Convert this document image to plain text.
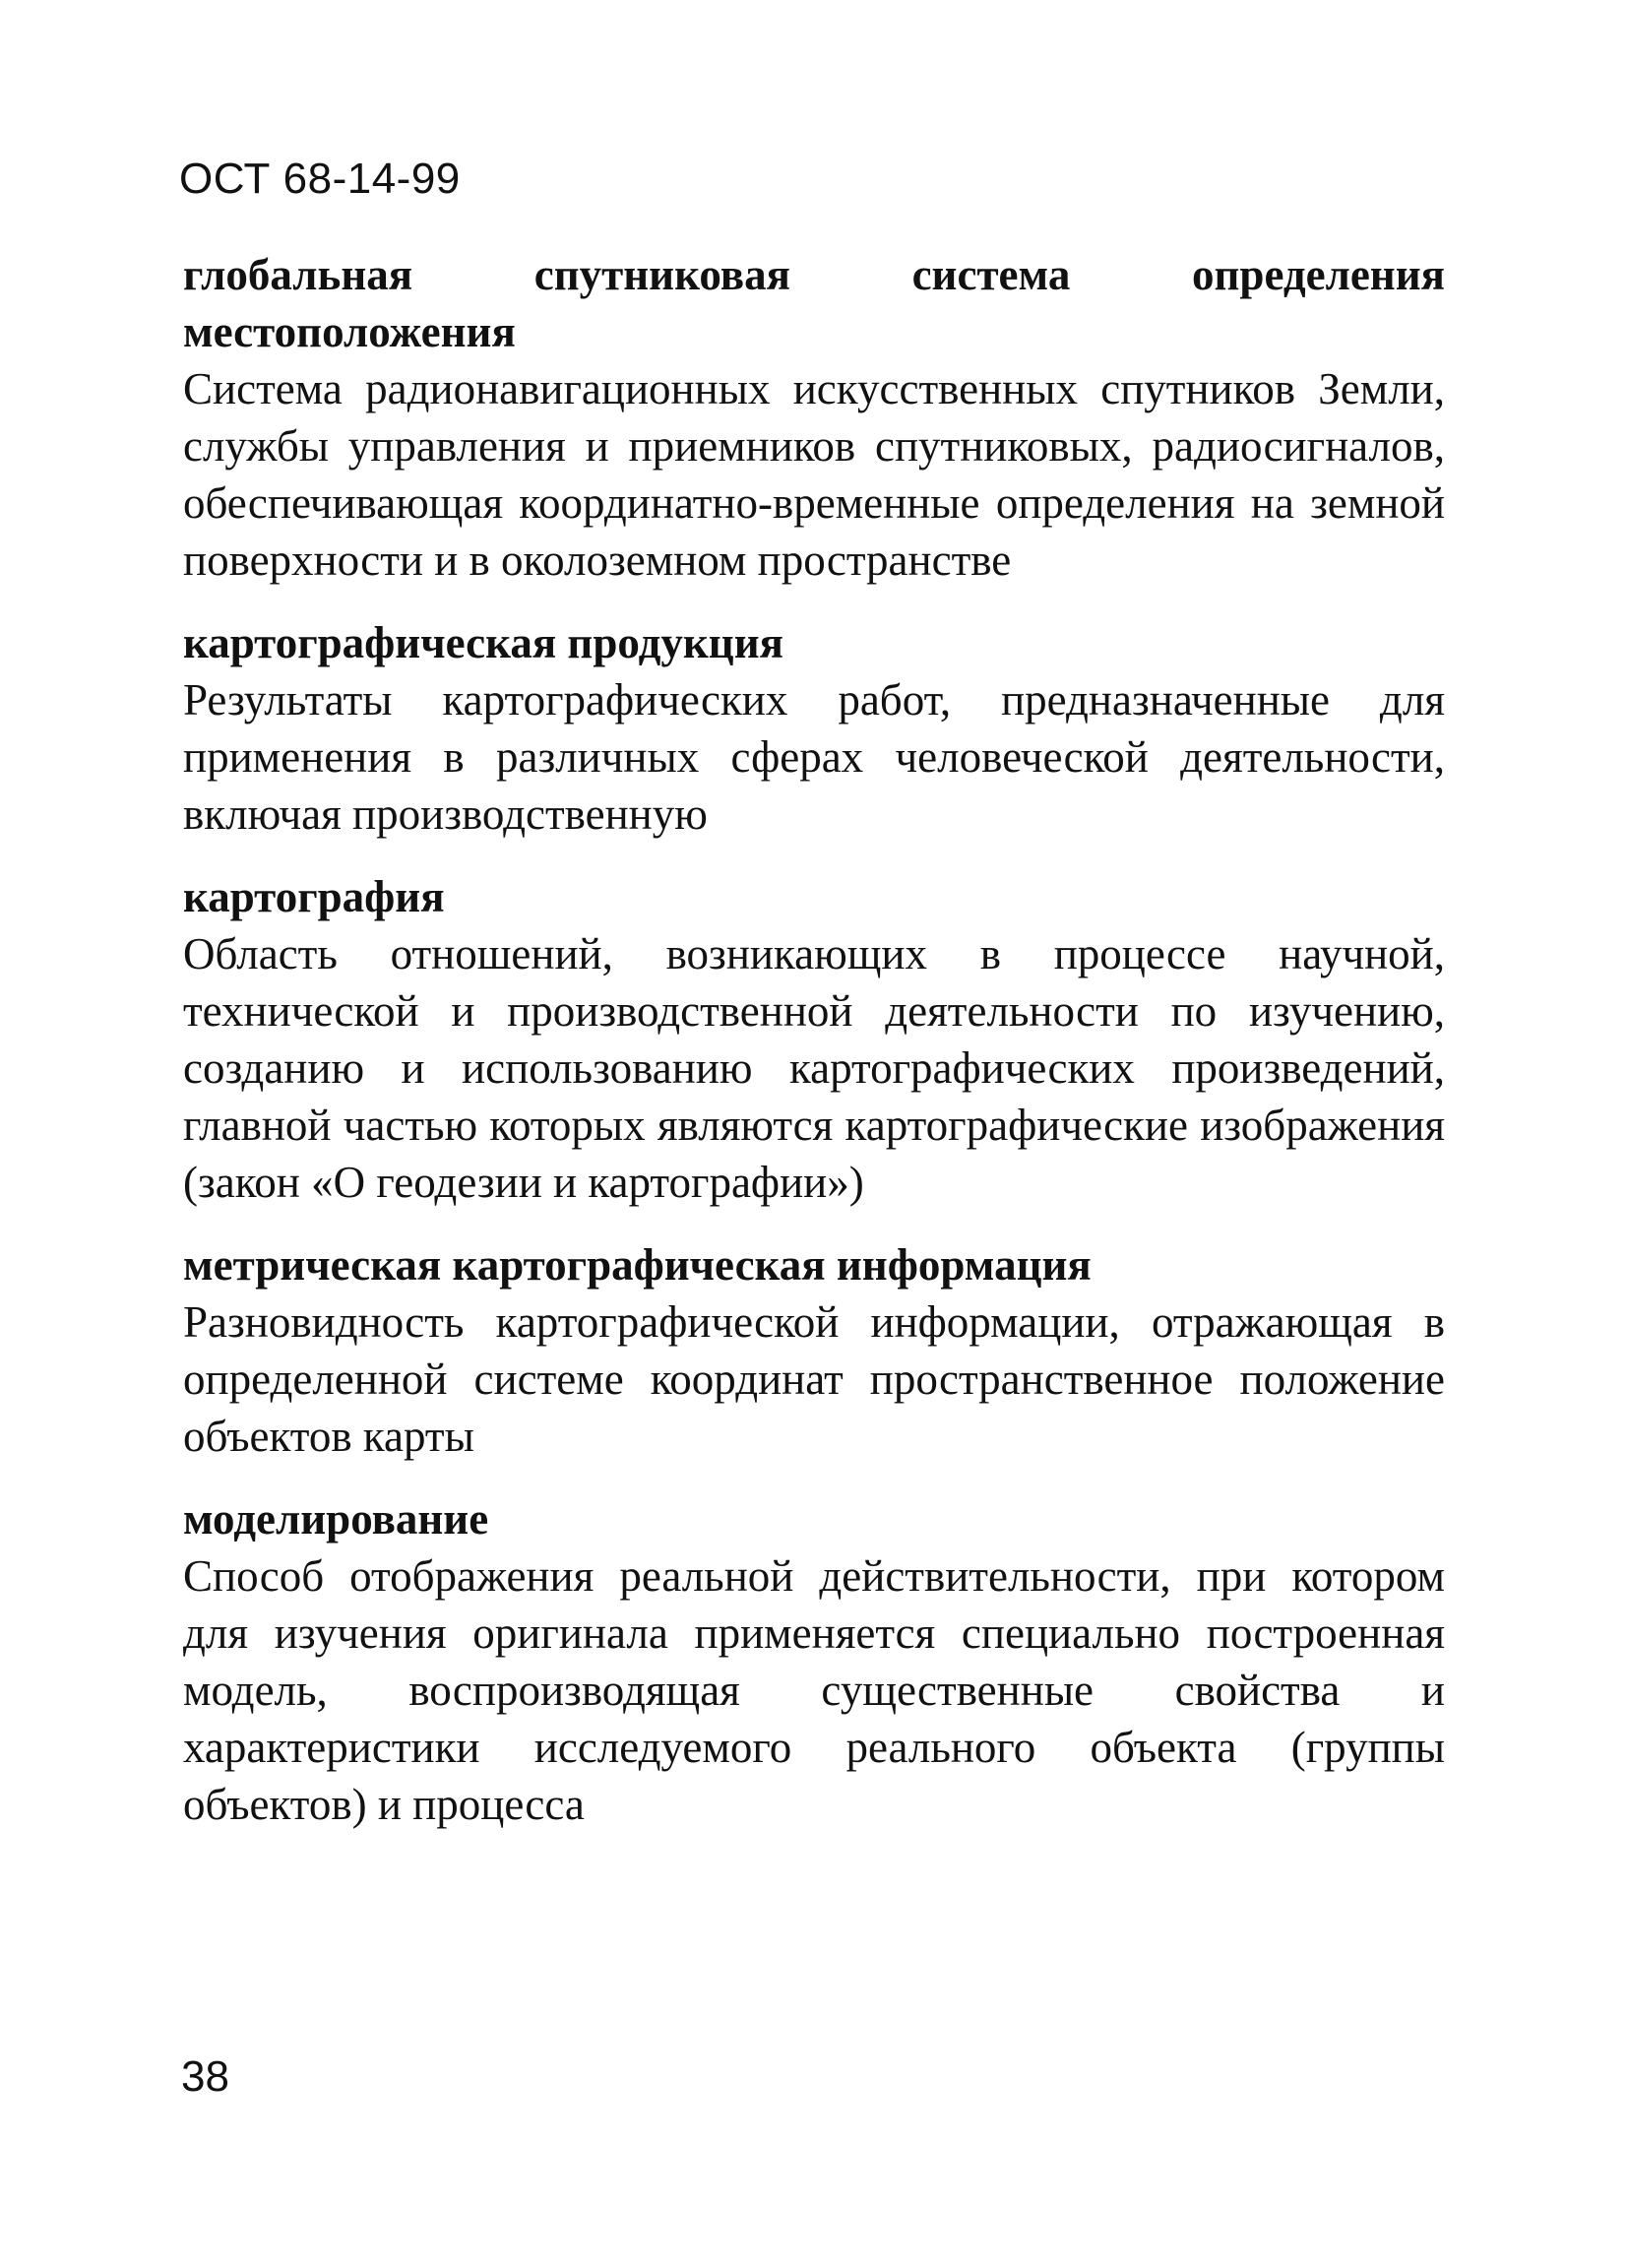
ОСТ 68-14-99

глобальная спутниковая система определения местоположения

Система радионавигационных искусственных спутников Земли, службы управления и приемников спутниковых, радиосигналов, обеспечивающая координатно-временные определения на земной поверхности и в околоземном пространстве

картографическая продукция

Результаты картографических работ, предназначенные для применения в различных сферах человеческой деятельности, включая производственную

картография

Область отношений, возникающих в процессе научной, технической и производственной деятельности по изучению, созданию и использованию картографических произведений, главной частью которых являются картографические изображения (закон «О геодезии и картографии»)

метрическая картографическая информация

Разновидность картографической информации, отражающая в определенной системе координат пространственное положение объектов карты

моделирование

Способ отображения реальной действительности, при котором для изучения оригинала применяется специально построенная модель, воспроизводящая существенные свойства и характеристики исследуемого реального объекта (группы объектов) и процесса

38
